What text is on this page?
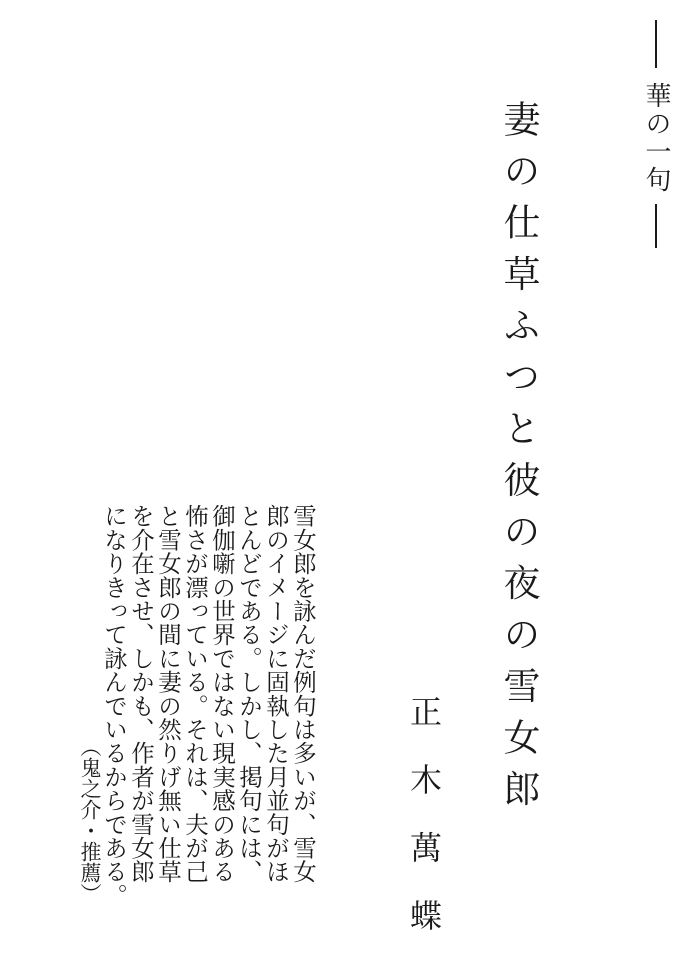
華の一句
妻の仕草ふつと彼の夜の雪女郎
正木萬蝶
雪女郎を詠んだ例句は多いが、雪女
郎のイメージに固執した月並句がほ
とんどである。しかし、掲句には、
御伽噺の世界ではない現実感のある
怖さが漂っている。それは、夫が己
と雪女郎の間に妻の然りげ無い仕草
を介在させ、しかも、作者が雪女郎
になりきって詠んでいるからである。
（鬼之介・推薦）
